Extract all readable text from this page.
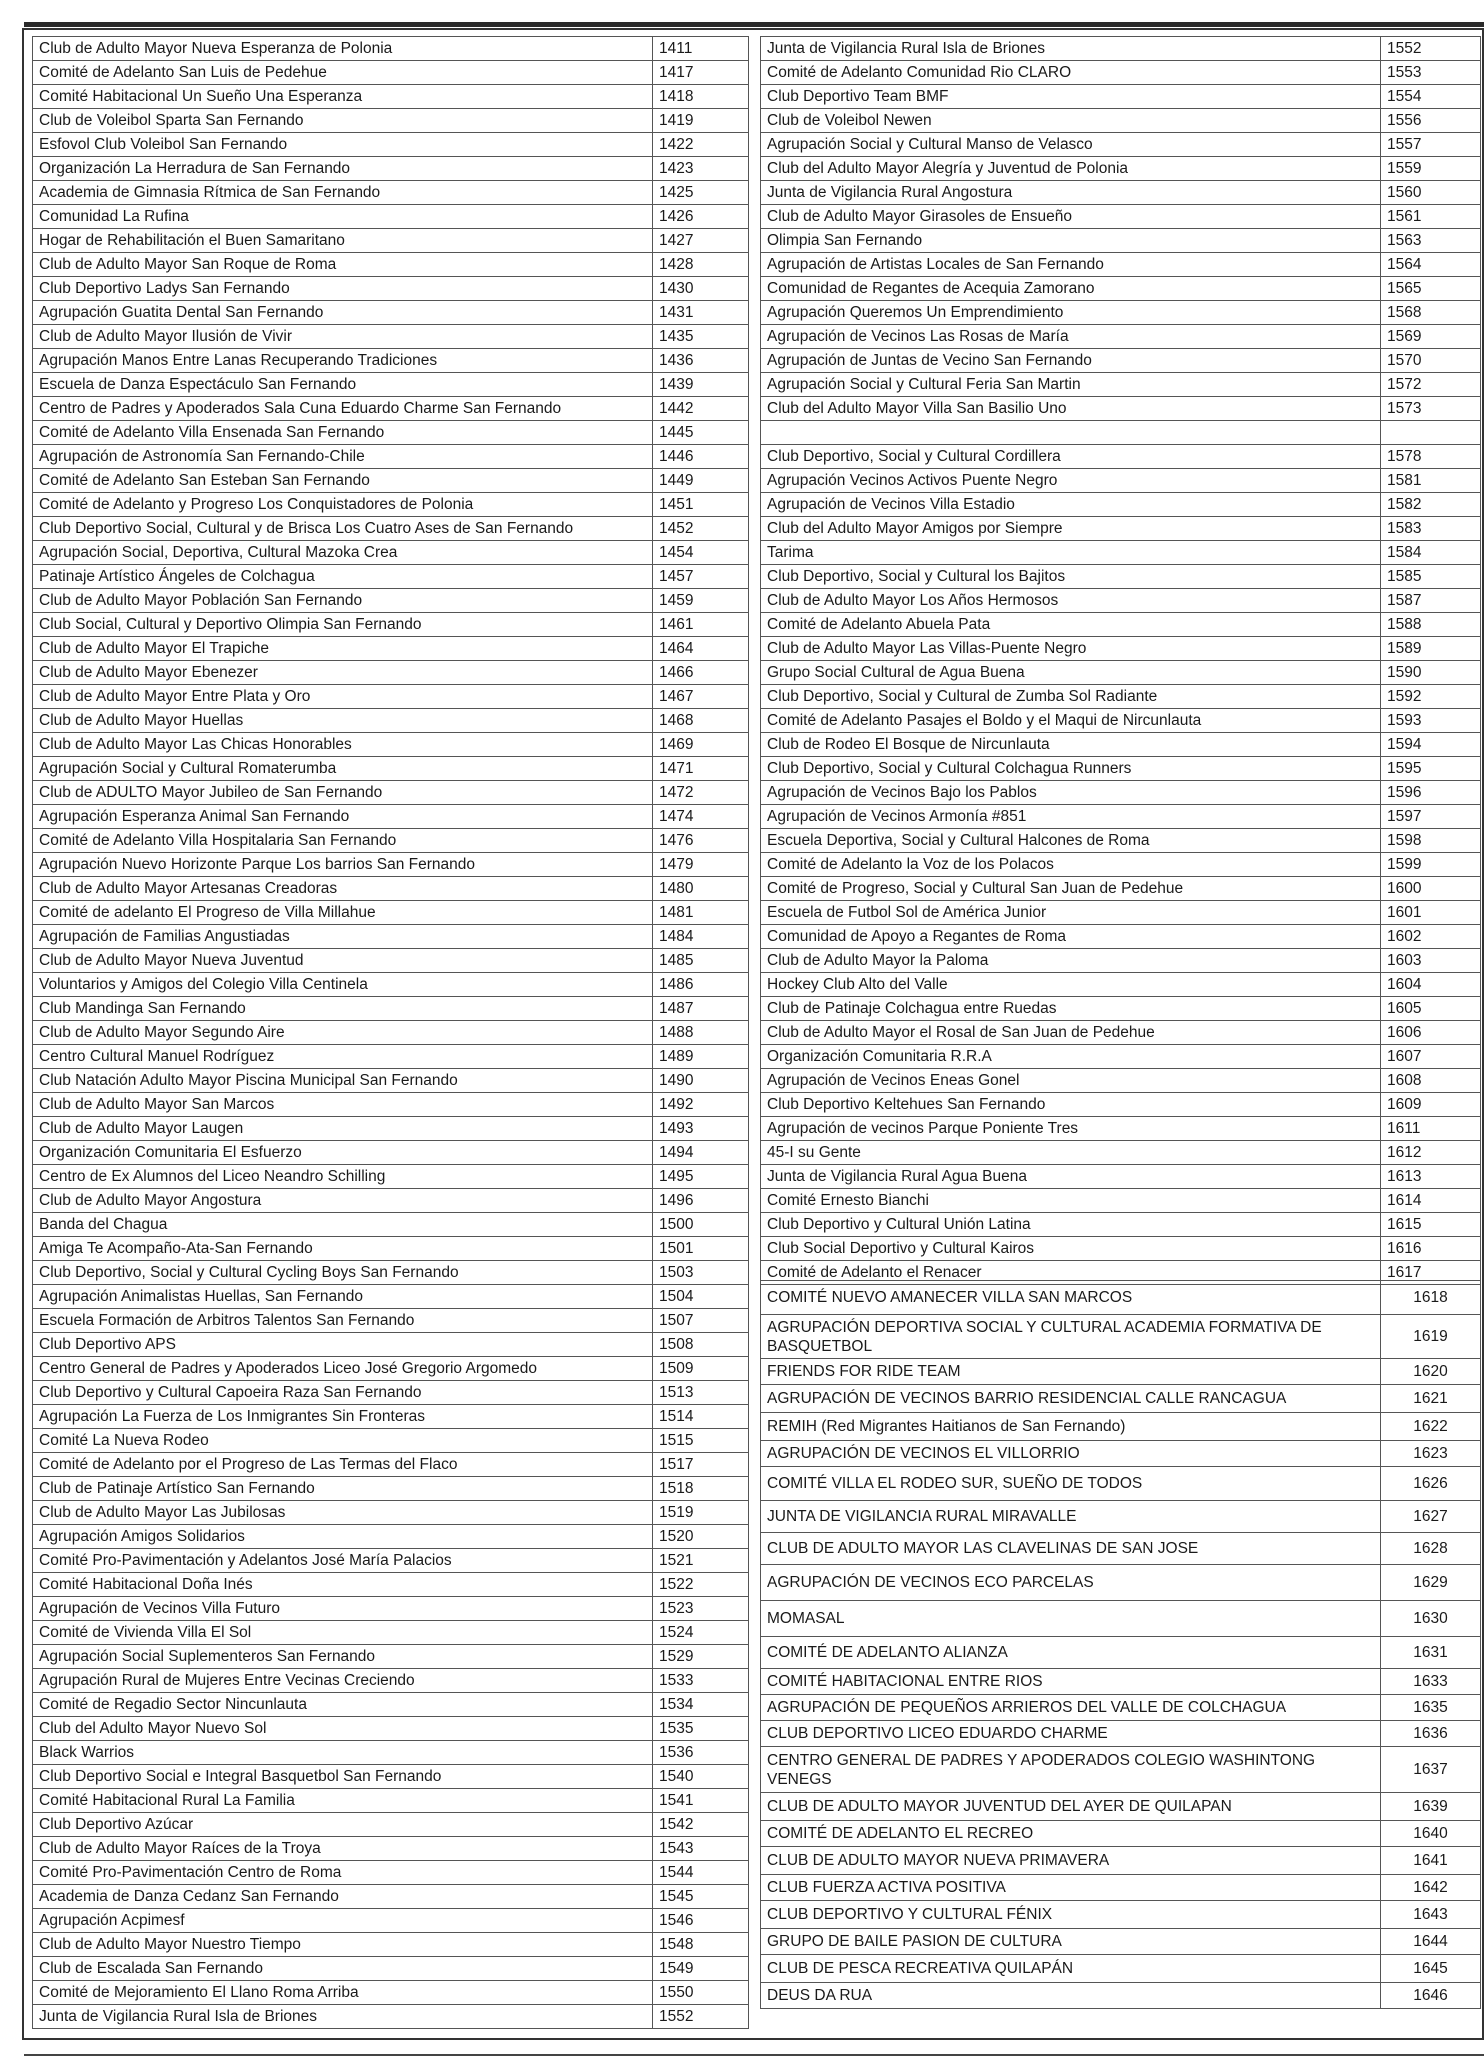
Club de Adulto Mayor Nueva Esperanza de Polonia	1411
Comité de Adelanto San Luis de Pedehue	1417
Comité Habitacional Un Sueño Una Esperanza	1418
Club de Voleibol Sparta San Fernando	1419
Esfovol Club Voleibol San Fernando	1422
Organización La Herradura de San Fernando	1423
Academia de Gimnasia Rítmica de San Fernando	1425
Comunidad La Rufina	1426
Hogar de Rehabilitación el Buen Samaritano	1427
Club de Adulto Mayor San Roque de Roma	1428
Club Deportivo Ladys San Fernando	1430
Agrupación Guatita Dental San Fernando	1431
Club de Adulto Mayor Ilusión de Vivir	1435
Agrupación Manos Entre Lanas Recuperando Tradiciones	1436
Escuela de Danza Espectáculo San Fernando	1439
Centro de Padres y Apoderados Sala Cuna Eduardo Charme San Fernando	1442
Comité de Adelanto Villa Ensenada San Fernando	1445
Agrupación de Astronomía San Fernando-Chile	1446
Comité de Adelanto San Esteban San Fernando	1449
Comité de Adelanto y Progreso Los Conquistadores de Polonia	1451
Club Deportivo Social, Cultural y de Brisca Los Cuatro Ases de San Fernando	1452
Agrupación Social, Deportiva, Cultural Mazoka Crea	1454
Patinaje Artístico Ángeles de Colchagua	1457
Club de Adulto Mayor Población San Fernando	1459
Club Social, Cultural y Deportivo Olimpia San Fernando	1461
Club de Adulto Mayor El Trapiche	1464
Club de Adulto Mayor Ebenezer	1466
Club de Adulto Mayor Entre Plata y Oro	1467
Club de Adulto Mayor Huellas	1468
Club de Adulto Mayor Las Chicas Honorables	1469
Agrupación Social y Cultural Romaterumba	1471
Club de ADULTO Mayor Jubileo de San Fernando	1472
Agrupación Esperanza Animal San Fernando	1474
Comité de Adelanto Villa Hospitalaria San Fernando	1476
Agrupación Nuevo Horizonte Parque Los barrios San Fernando	1479
Club de Adulto Mayor Artesanas Creadoras	1480
Comité de adelanto El Progreso de Villa Millahue	1481
Agrupación de Familias Angustiadas	1484
Club de Adulto Mayor Nueva Juventud	1485
Voluntarios y Amigos del Colegio Villa Centinela	1486
Club Mandinga San Fernando	1487
Club de Adulto Mayor Segundo Aire	1488
Centro Cultural Manuel Rodríguez	1489
Club Natación Adulto Mayor Piscina Municipal San Fernando	1490
Club de Adulto Mayor San Marcos	1492
Club de Adulto Mayor Laugen	1493
Organización Comunitaria El Esfuerzo	1494
Centro de Ex Alumnos del Liceo Neandro Schilling	1495
Club de Adulto Mayor Angostura	1496
Banda del Chagua	1500
Amiga Te Acompaño-Ata-San Fernando	1501
Club Deportivo, Social y Cultural Cycling Boys San Fernando	1503
Agrupación Animalistas Huellas, San Fernando	1504
Escuela Formación de Arbitros Talentos San Fernando	1507
Club Deportivo APS	1508
Centro General de Padres y Apoderados Liceo José Gregorio Argomedo	1509
Club Deportivo y Cultural Capoeira Raza San Fernando	1513
Agrupación La Fuerza de Los Inmigrantes Sin Fronteras	1514
Comité La Nueva Rodeo	1515
Comité de Adelanto por el Progreso de Las Termas del Flaco	1517
Club de Patinaje Artístico San Fernando	1518
Club de Adulto Mayor Las Jubilosas	1519
Agrupación Amigos Solidarios	1520
Comité Pro-Pavimentación y Adelantos José María Palacios	1521
Comité Habitacional Doña Inés	1522
Agrupación de Vecinos Villa Futuro	1523
Comité de Vivienda Villa El Sol	1524
Agrupación Social Suplementeros San Fernando	1529
Agrupación Rural de Mujeres Entre Vecinas Creciendo	1533
Comité de Regadio Sector Nincunlauta	1534
Club del Adulto Mayor Nuevo Sol	1535
Black Warrios	1536
Club Deportivo Social e Integral Basquetbol San Fernando	1540
Comité Habitacional Rural La Familia	1541
Club Deportivo Azúcar	1542
Club de Adulto Mayor Raíces de la Troya	1543
Comité Pro-Pavimentación Centro de Roma	1544
Academia de Danza Cedanz San Fernando	1545
Agrupación Acpimesf	1546
Club de Adulto Mayor Nuestro Tiempo	1548
Club de Escalada San Fernando	1549
Comité de Mejoramiento El Llano Roma Arriba	1550
Junta de Vigilancia Rural Isla de Briones	1552
Junta de Vigilancia Rural Isla de Briones	1552
Comité de Adelanto Comunidad Rio CLARO	1553
Club Deportivo Team BMF	1554
Club de Voleibol Newen	1556
Agrupación Social y Cultural Manso de Velasco	1557
Club del Adulto Mayor Alegría y Juventud de Polonia	1559
Junta de Vigilancia Rural Angostura	1560
Club de Adulto Mayor Girasoles de Ensueño	1561
Olimpia San Fernando	1563
Agrupación de Artistas Locales de San Fernando	1564
Comunidad de Regantes de Acequia Zamorano	1565
Agrupación Queremos Un Emprendimiento	1568
Agrupación de Vecinos Las Rosas de María	1569
Agrupación de Juntas de Vecino San Fernando	1570
Agrupación Social y Cultural Feria San Martin	1572
Club del Adulto Mayor Villa San Basilio Uno	1573

Club Deportivo, Social y Cultural Cordillera	1578
Agrupación Vecinos Activos Puente Negro	1581
Agrupación de Vecinos Villa Estadio	1582
Club del Adulto Mayor Amigos por Siempre	1583
Tarima	1584
Club Deportivo, Social y Cultural los Bajitos	1585
Club de Adulto Mayor Los Años Hermosos	1587
Comité de Adelanto Abuela Pata	1588
Club de Adulto Mayor Las Villas-Puente Negro	1589
Grupo Social Cultural de Agua Buena	1590
Club Deportivo, Social y Cultural de Zumba Sol Radiante	1592
Comité de Adelanto Pasajes el Boldo y el Maqui de Nircunlauta	1593
Club de Rodeo El Bosque de Nircunlauta	1594
Club Deportivo, Social y Cultural Colchagua Runners	1595
Agrupación de Vecinos Bajo los Pablos	1596
Agrupación de Vecinos Armonía #851	1597
Escuela Deportiva, Social y Cultural Halcones de Roma	1598
Comité de Adelanto la Voz de los Polacos	1599
Comité de Progreso, Social y Cultural San Juan de Pedehue	1600
Escuela de Futbol Sol de América Junior	1601
Comunidad de Apoyo a Regantes de Roma	1602
Club de Adulto Mayor la Paloma	1603
Hockey Club Alto del Valle	1604
Club de Patinaje Colchagua entre Ruedas	1605
Club de Adulto Mayor el Rosal de San Juan de Pedehue	1606
Organización Comunitaria R.R.A	1607
Agrupación de Vecinos Eneas Gonel	1608
Club Deportivo Keltehues San Fernando	1609
Agrupación de vecinos Parque Poniente Tres	1611
45-I su Gente	1612
Junta de Vigilancia Rural Agua Buena	1613
Comité Ernesto Bianchi	1614
Club Deportivo y Cultural Unión Latina	1615
Club Social Deportivo y Cultural Kairos	1616
Comité de Adelanto el Renacer	1617
COMITÉ NUEVO AMANECER VILLA SAN MARCOS	1618
AGRUPACIÓN DEPORTIVA SOCIAL Y CULTURAL ACADEMIA FORMATIVA DE BASQUETBOL	1619
FRIENDS FOR RIDE TEAM	1620
AGRUPACIÓN DE VECINOS BARRIO RESIDENCIAL CALLE RANCAGUA	1621
REMIH (Red Migrantes Haitianos de San Fernando)	1622
AGRUPACIÓN DE VECINOS EL VILLORRIO	1623
COMITÉ VILLA EL RODEO SUR, SUEÑO DE TODOS	1626
JUNTA DE VIGILANCIA RURAL MIRAVALLE	1627
CLUB DE ADULTO MAYOR LAS CLAVELINAS DE SAN JOSE	1628
AGRUPACIÓN DE VECINOS ECO PARCELAS	1629
MOMASAL	1630
COMITÉ DE ADELANTO ALIANZA	1631
COMITÉ HABITACIONAL ENTRE RIOS	1633
AGRUPACIÓN DE PEQUEÑOS ARRIEROS DEL VALLE DE COLCHAGUA	1635
CLUB DEPORTIVO LICEO EDUARDO CHARME	1636
CENTRO GENERAL DE PADRES Y APODERADOS COLEGIO WASHINTONG VENEGS	1637
CLUB DE ADULTO MAYOR JUVENTUD DEL AYER DE QUILAPAN	1639
COMITÉ DE ADELANTO EL RECREO	1640
CLUB DE ADULTO MAYOR NUEVA PRIMAVERA	1641
CLUB FUERZA ACTIVA POSITIVA	1642
CLUB DEPORTIVO Y CULTURAL FÉNIX	1643
GRUPO DE BAILE PASION DE CULTURA	1644
CLUB DE PESCA RECREATIVA QUILAPÁN	1645
DEUS DA RUA	1646
